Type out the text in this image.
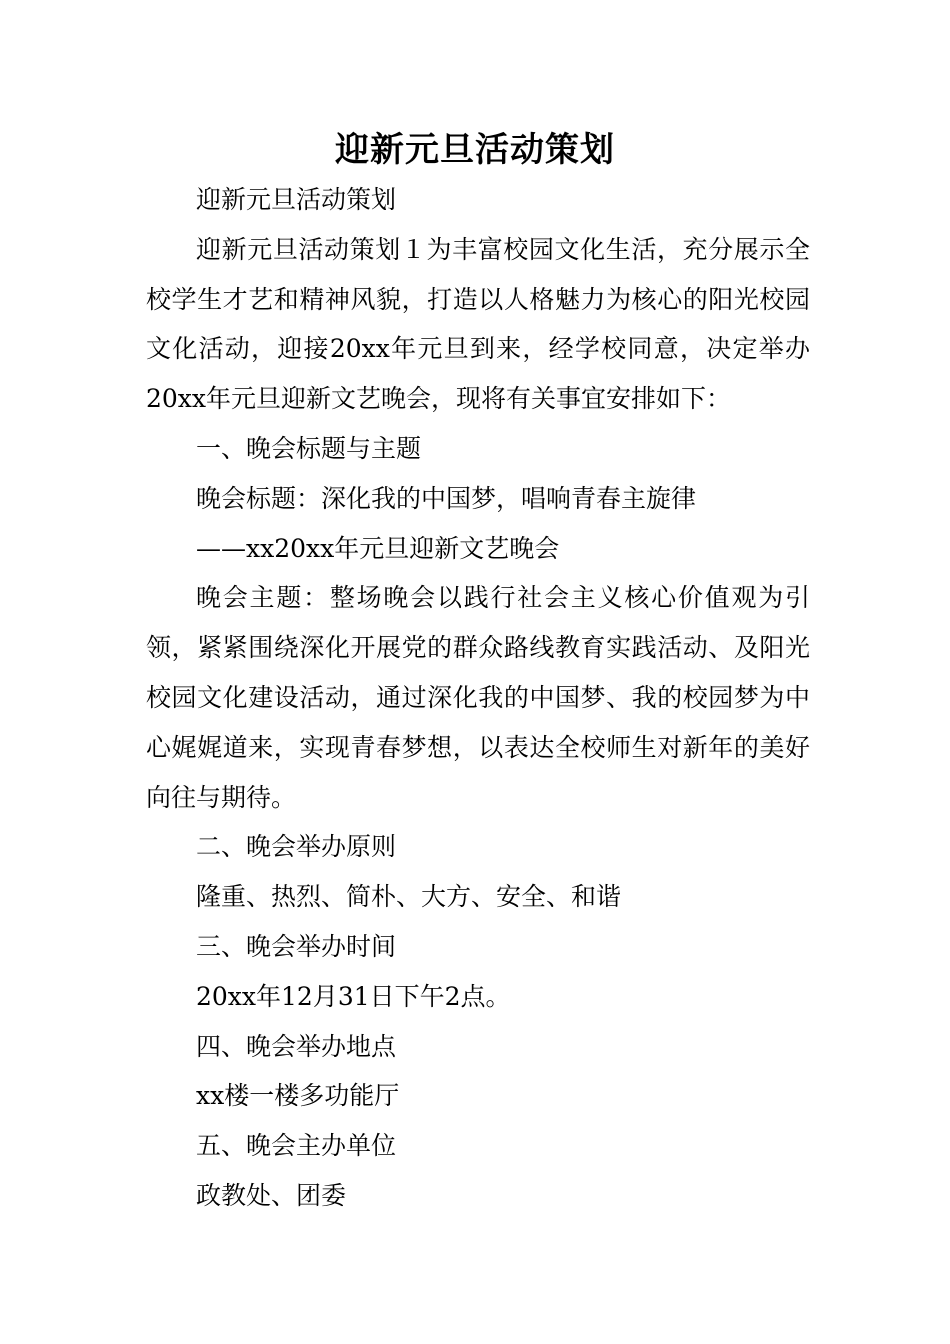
迎新元旦活动策划

迎新元旦活动策划

迎新元旦活动策划１为丰富校园文化生活，充分展示全校学生才艺和精神风貌，打造以人格魅力为核心的阳光校园文化活动，迎接20xx年元旦到来，经学校同意，决定举办20xx年元旦迎新文艺晚会，现将有关事宜安排如下：

一、晚会标题与主题

晚会标题：深化我的中国梦，唱响青春主旋律

——xx20xx年元旦迎新文艺晚会

晚会主题：整场晚会以践行社会主义核心价值观为引领，紧紧围绕深化开展党的群众路线教育实践活动、及阳光校园文化建设活动，通过深化我的中国梦、我的校园梦为中心娓娓道来，实现青春梦想，以表达全校师生对新年的美好向往与期待。

二、晚会举办原则

隆重、热烈、简朴、大方、安全、和谐

三、晚会举办时间

20xx年12月31日下午2点。

四、晚会举办地点

xx楼一楼多功能厅

五、晚会主办单位

政教处、团委
